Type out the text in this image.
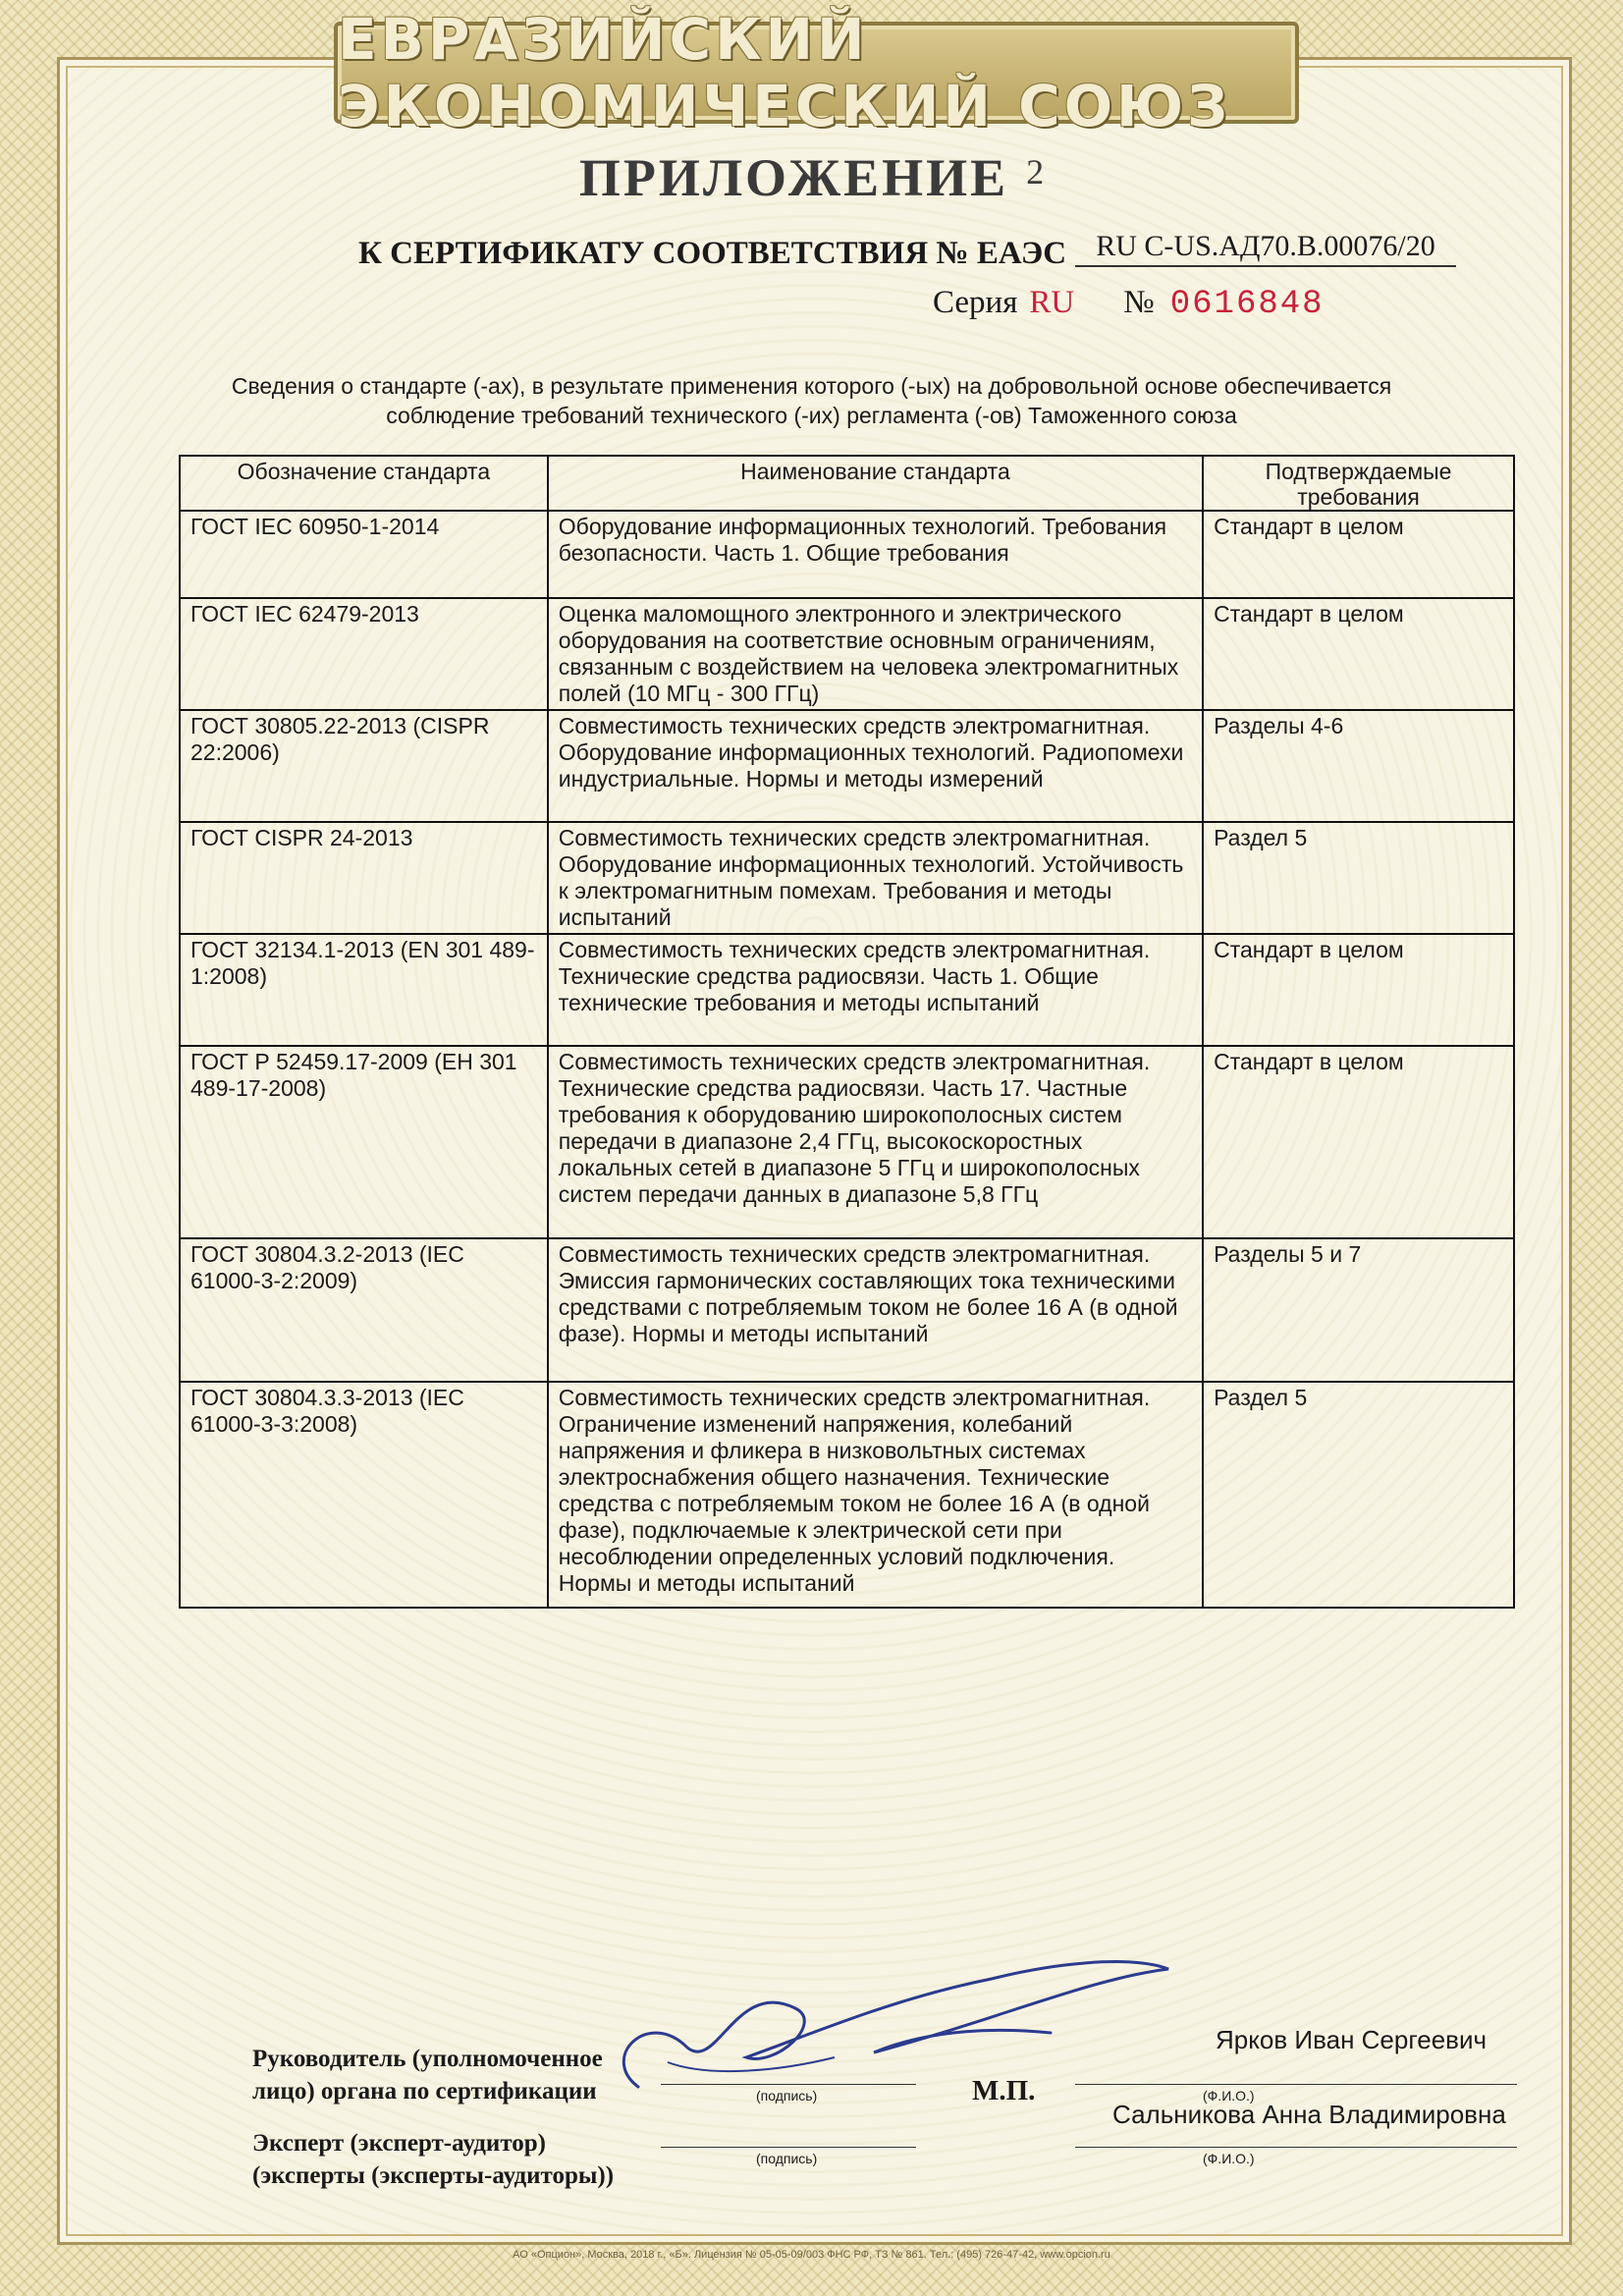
ЕВРАЗИЙСКИЙ ЭКОНОМИЧЕСКИЙ СОЮЗ
ПРИЛОЖЕНИЕ $^2$
К СЕРТИФИКАТУ СООТВЕТСТВИЯ № ЕАЭС	RU C-US.АД70.В.00076/20
Серия RU № 0616848
Сведения о стандарте (-ах), в результате применения которого (-ых) на добровольной основе обеспечивается соблюдение требований технического (-их) регламента (-ов) Таможенного союза
Обозначение стандарта	Наименование стандарта	Подтверждаемые требования
ГОСТ IEC 60950-1-2014	Оборудование информационных технологий. Требования безопасности. Часть 1. Общие требования	Стандарт в целом
ГОСТ IEC 62479-2013	Оценка маломощного электронного и электрического оборудования на соответствие основным ограничениям, связанным с воздействием на человека электромагнитных полей (10 МГц - 300 ГГц)	Стандарт в целом
ГОСТ 30805.22-2013 (CISPR 22:2006)	Совместимость технических средств электромагнитная. Оборудование информационных технологий. Радиопомехи индустриальные. Нормы и методы измерений	Разделы 4-6
ГОСТ CISPR 24-2013	Совместимость технических средств электромагнитная. Оборудование информационных технологий. Устойчивость к электромагнитным помехам. Требования и методы испытаний	Раздел 5
ГОСТ 32134.1-2013 (EN 301 489-1:2008)	Совместимость технических средств электромагнитная. Технические средства радиосвязи. Часть 1. Общие технические требования и методы испытаний	Стандарт в целом
ГОСТ Р 52459.17-2009 (ЕН 301 489-17-2008)	Совместимость технических средств электромагнитная. Технические средства радиосвязи. Часть 17. Частные требования к оборудованию широкополосных систем передачи в диапазоне 2,4 ГГц, высокоскоростных локальных сетей в диапазоне 5 ГГц и широкополосных систем передачи данных в диапазоне 5,8 ГГц	Стандарт в целом
ГОСТ 30804.3.2-2013 (IEC 61000-3-2:2009)	Совместимость технических средств электромагнитная. Эмиссия гармонических составляющих тока техническими средствами с потребляемым током не более 16 А (в одной фазе). Нормы и методы испытаний	Разделы 5 и 7
ГОСТ 30804.3.3-2013 (IEC 61000-3-3:2008)	Совместимость технических средств электромагнитная. Ограничение изменений напряжения, колебаний напряжения и фликера в низковольтных системах электроснабжения общего назначения. Технические средства с потребляемым током не более 16 А (в одной фазе), подключаемые к электрической сети при несоблюдении определенных условий подключения. Нормы и методы испытаний	Раздел 5
Руководитель (уполномоченное лицо) органа по сертификации	(подпись)	М.П.	(Ф.И.О.)
Ярков Иван Сергеевич
Эксперт (эксперт-аудитор) (эксперты (эксперты-аудиторы))
(подпись)	(Ф.И.О.)
Сальникова Анна Владимировна
АО «Опцион», Москва, 2018 г., «Б». Лицензия № 05-05-09/003 ФНС РФ, ТЗ № 861. Тел.: (495) 726-47-42, www.opcion.ru
